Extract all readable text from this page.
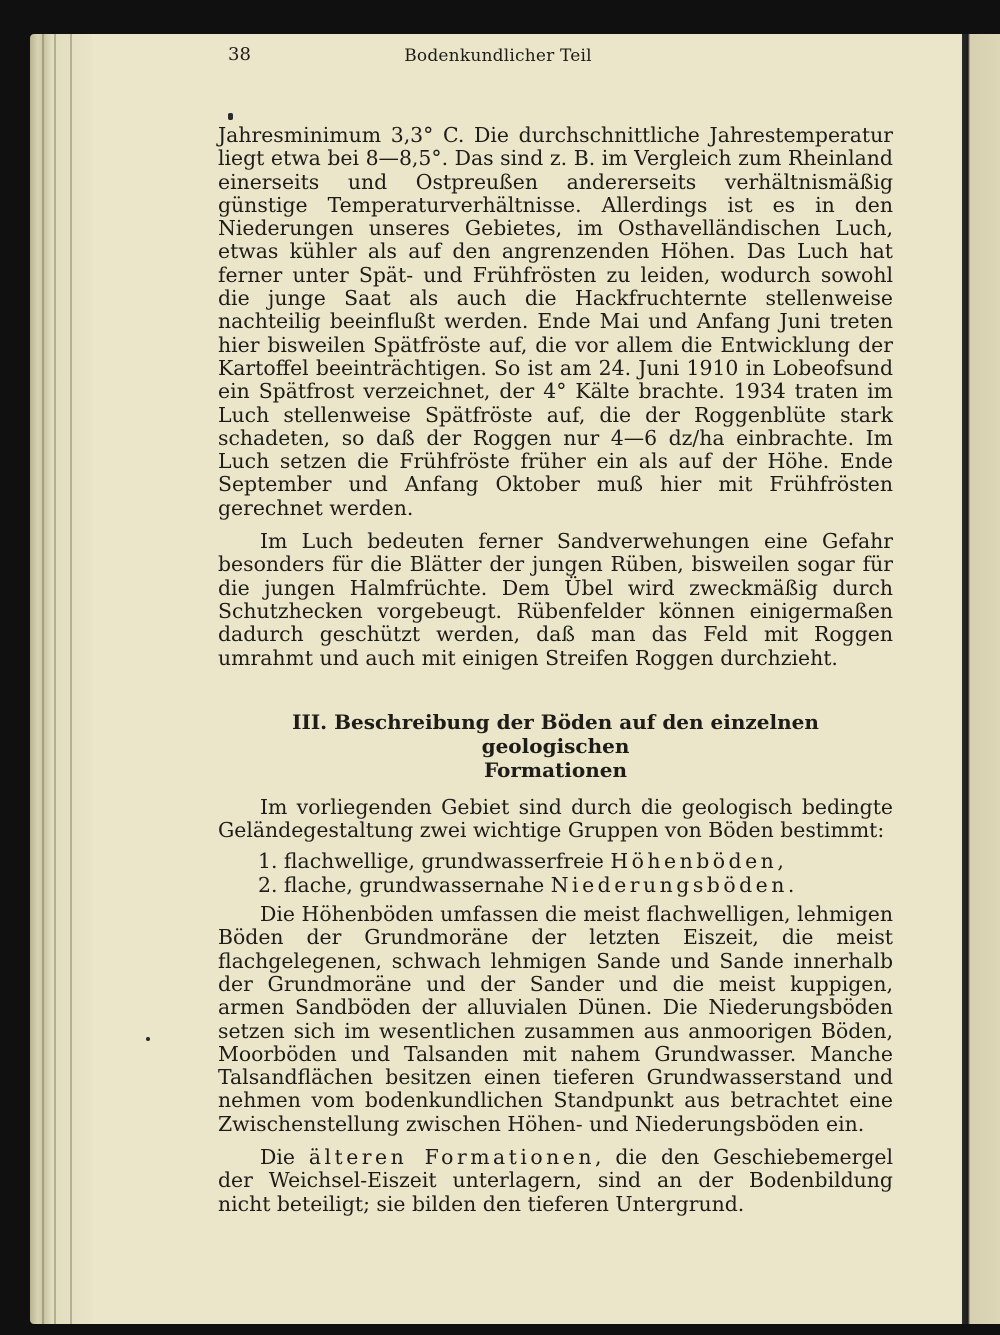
38	Bodenkundlicher Teil

Jahresminimum 3,3° C. Die durchschnittliche Jahrestemperatur liegt etwa bei 8—8,5°. Das sind z. B. im Vergleich zum Rheinland einerseits und Ostpreußen andererseits verhältnismäßig günstige Temperaturverhältnisse. Allerdings ist es in den Niederungen unseres Gebietes, im Osthavelländischen Luch, etwas kühler als auf den angrenzenden Höhen. Das Luch hat ferner unter Spät- und Frühfrösten zu leiden, wodurch sowohl die junge Saat als auch die Hackfruchternte stellenweise nachteilig beeinflußt werden. Ende Mai und Anfang Juni treten hier bisweilen Spätfröste auf, die vor allem die Entwicklung der Kartoffel beeinträchtigen. So ist am 24. Juni 1910 in Lobeofsund ein Spätfrost verzeichnet, der 4° Kälte brachte. 1934 traten im Luch stellenweise Spätfröste auf, die der Roggenblüte stark schadeten, so daß der Roggen nur 4—6 dz/ha einbrachte. Im Luch setzen die Frühfröste früher ein als auf der Höhe. Ende September und Anfang Oktober muß hier mit Frühfrösten gerechnet werden.

Im Luch bedeuten ferner Sandverwehungen eine Gefahr besonders für die Blätter der jungen Rüben, bisweilen sogar für die jungen Halmfrüchte. Dem Übel wird zweckmäßig durch Schutzhecken vorgebeugt. Rübenfelder können einigermaßen dadurch geschützt werden, daß man das Feld mit Roggen umrahmt und auch mit einigen Streifen Roggen durchzieht.

III. Beschreibung der Böden auf den einzelnen geologischen
Formationen

Im vorliegenden Gebiet sind durch die geologisch bedingte Geländegestaltung zwei wichtige Gruppen von Böden bestimmt:

1. flachwellige, grundwasserfreie Höhenböden,
2. flache, grundwassernahe Niederungsböden.

Die Höhenböden umfassen die meist flachwelligen, lehmigen Böden der Grundmoräne der letzten Eiszeit, die meist flachgelegenen, schwach lehmigen Sande und Sande innerhalb der Grundmoräne und der Sander und die meist kuppigen, armen Sandböden der alluvialen Dünen. Die Niederungsböden setzen sich im wesentlichen zusammen aus anmoorigen Böden, Moorböden und Talsanden mit nahem Grundwasser. Manche Talsandflächen besitzen einen tieferen Grundwasserstand und nehmen vom bodenkundlichen Standpunkt aus betrachtet eine Zwischenstellung zwischen Höhen- und Niederungsböden ein.

Die älteren Formationen, die den Geschiebemergel der Weichsel-Eiszeit unterlagern, sind an der Bodenbildung nicht beteiligt; sie bilden den tieferen Untergrund.
